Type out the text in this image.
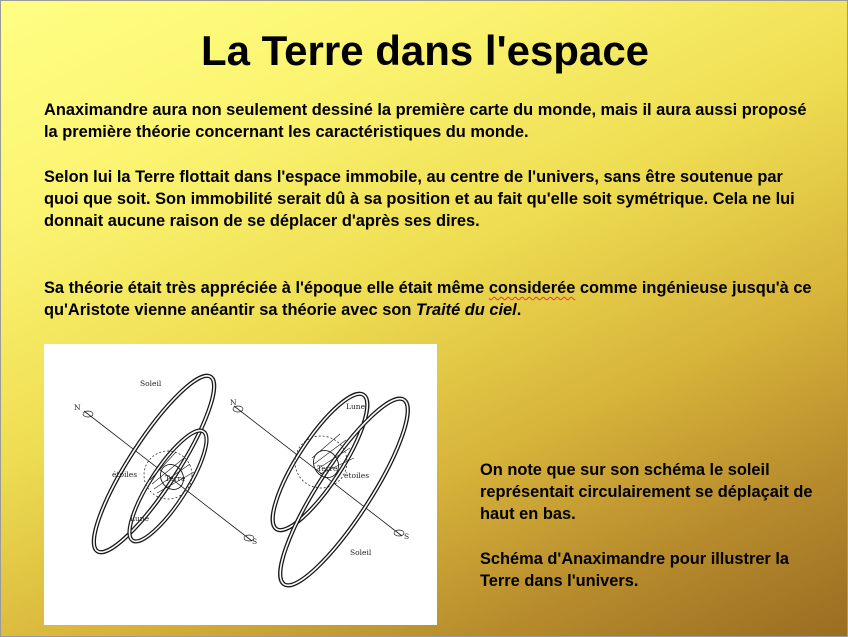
La Terre dans l'espace

Anaximandre aura non seulement dessiné la première carte du monde, mais il aura aussi proposé la première théorie concernant les caractéristiques du monde.

Selon lui la Terre flottait dans l'espace immobile, au centre de l'univers, sans être soutenue par quoi que soit. Son immobilité serait dû à sa position et au fait qu'elle soit symétrique. Cela ne lui donnait aucune raison de se déplacer d'après ses dires.

Sa théorie était très appréciée à l'époque elle était même considerée comme ingénieuse jusqu'à ce qu'Aristote vienne anéantir sa théorie avec son Traité du ciel.

N
S
Soleil
étoiles	Terre
Lune
N
S
Lune
Terre
étoiles
Soleil

On note que sur son schéma le soleil représentait circulairement se déplaçait de haut en bas.

Schéma d'Anaximandre pour illustrer la Terre dans l'univers.
